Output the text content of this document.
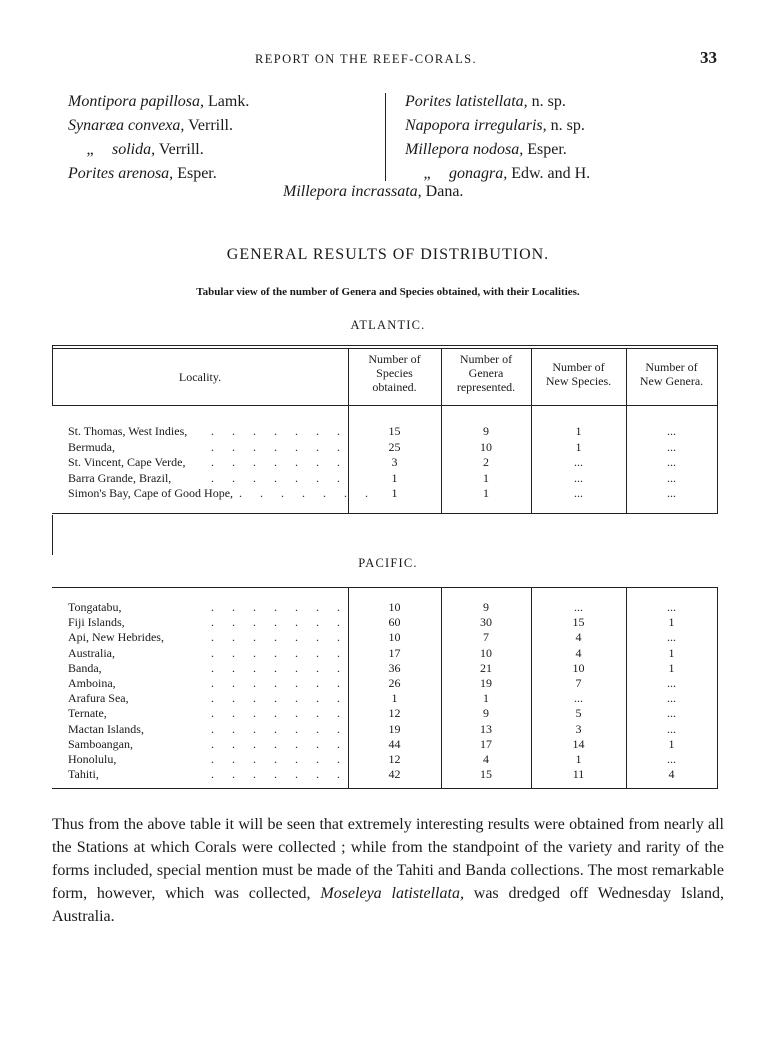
REPORT ON THE REEF-CORALS.	33
Montipora papillosa, Lamk.
Synaræa convexa, Verrill.
„ solida, Verrill.
Porites arenosa, Esper.
Porites latistellata, n. sp.
Napopora irregularis, n. sp.
Millepora nodosa, Esper.
„ gonagra, Edw. and H.
Millepora incrassata, Dana.
GENERAL RESULTS OF DISTRIBUTION.
Tabular view of the number of Genera and Species obtained, with their Localities.
ATLANTIC.
Locality.
Number of
Species
obtained.
Number of
Genera
represented.
Number of
New Species.
Number of
New Genera.
St. Thomas, West Indies,	15	9	1	...
.      .      .      .      .      .      .
Bermuda,	25	10	1	...
.      .      .      .      .      .      .
St. Vincent, Cape Verde,	3	2	...	...
.      .      .      .      .      .      .
Barra Grande, Brazil,	1	1	...	...
.      .      .      .      .      .      .
Simon's Bay, Cape of Good Hope,	1	1	...	...
.      .      .      .      .      .      .
PACIFIC.
Tongatabu,	10	9	...	...
.      .      .      .      .      .      .
Fiji Islands,	60	30	15	1
.      .      .      .      .      .      .
Api, New Hebrides,	10	7	4	...
.      .      .      .      .      .      .
Australia,	17	10	4	1
.      .      .      .      .      .      .
Banda,	36	21	10	1
.      .      .      .      .      .      .
Amboina,	26	19	7	...
.      .      .      .      .      .      .
Arafura Sea,	1	1	...	...
.      .      .      .      .      .      .
Ternate,	12	9	5	...
.      .      .      .      .      .      .
Mactan Islands,	19	13	3	...
.      .      .      .      .      .      .
Samboangan,	44	17	14	1
.      .      .      .      .      .      .
Honolulu,	12	4	1	...
.      .      .      .      .      .      .
Tahiti,	42	15	11	4
.      .      .      .      .      .      .
Thus from the above table it will be seen that extremely interesting results were obtained from nearly all the Stations at which Corals were collected ; while from the standpoint of the variety and rarity of the forms included, special mention must be made of the Tahiti and Banda collections. The most remarkable form, however, which was collected, Moseleya latistellata, was dredged off Wednesday Island, Australia.
